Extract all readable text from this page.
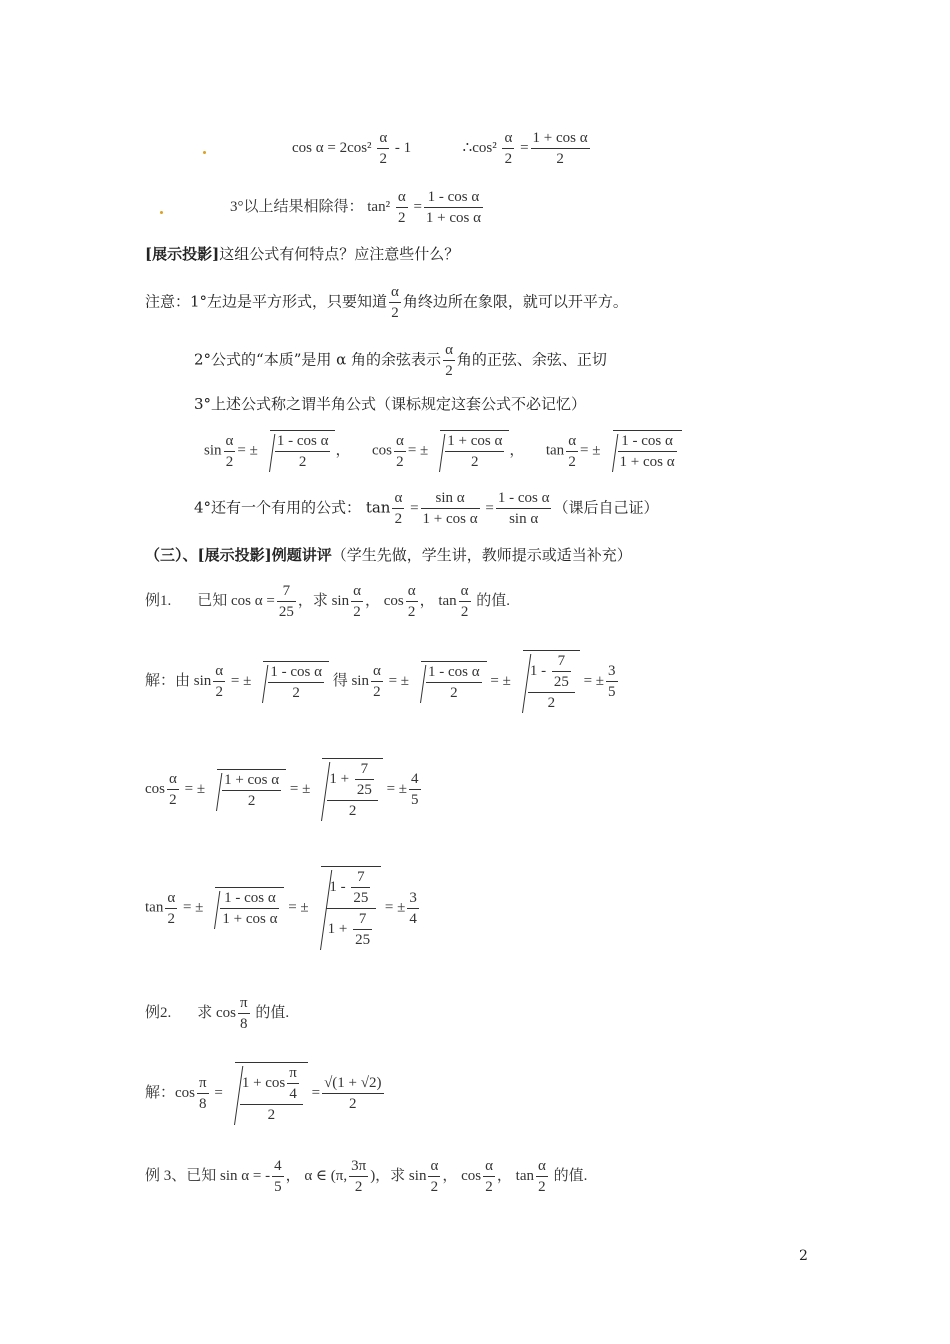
$\cos \alpha = 2\cos^2 \frac{\alpha}{2} - 1$	∴cos² $\frac{\alpha}{2} = \frac{\text{1 + cos α}}{2}$
3°以上结果相除得： $\tan^2 \frac{\alpha}{2} = \frac{\text{1 - cos α}}{\text{1 + cos α}}$
[展示投影]这组公式有何特点？应注意些什么？
注意：1°左边是平方形式，只要知道 $\frac{\alpha}{2}$ 角终边所在象限，就可以开平方。
2°公式的“本质”是用 α 角的余弦表示 $\frac{\alpha}{2}$ 角的正弦、余弦、正切
3°上述公式称之谓半角公式（课标规定这套公式不必记忆）
$\sin \frac{\alpha}{2}$ = ± $\frac{\text{1 - cos α}}{2}$ ， $\cos \frac{\alpha}{2}$ = ± $\frac{\text{1 + cos α}}{2}$ ， $\tan \frac{\alpha}{2}$ = ± $\frac{\text{1 - cos α}}{\text{1 + cos α}}$
4°还有一个有用的公式： $\tan \frac{\alpha}{2} = \frac{\text{sin α}}{\text{1 + cos α}} = \frac{\text{1 - cos α}}{\text{sin α}}$ （课后自己证）
（三）、[展示投影]例题讲评（学生先做，学生讲，教师提示或适当补充）
例1. 已知 $\cos \alpha = \frac{7}{25}$ ，求 $\sin \frac{\alpha}{2}$ ， $\cos \frac{\alpha}{2}$ ， $\tan \frac{\alpha}{2}$ 的值.
解：由 $\sin \frac{\alpha}{2}$ = ± $\frac{\text{1 - cos α}}{2}$ 得 $\sin \frac{\alpha}{2}$ = ± $\frac{\text{1 - cos α}}{2}$ = ± $\frac{1 - \frac{7}{25}}{2}$ = ± $\frac{3}{5}$
$\cos \frac{\alpha}{2}$ = ± $\frac{\text{1 + cos α}}{2}$ = ± $\frac{1 + \frac{7}{25}}{2}$ = ± $\frac{4}{5}$
$\tan \frac{\alpha}{2}$ = ± $\frac{\text{1 - cos α}}{\text{1 + cos α}}$ = ± $\frac{1 - \frac{7}{25}}{1 + \frac{7}{25}}$ = ± $\frac{3}{4}$
例2. 求 $\cos \frac{\pi}{8}$ 的值.
解：$\cos \frac{\pi}{8} = \frac{1 + \cos \frac{\pi}{4}}{2} = \frac{√(1 + √2)}{2}$
例 3、已知 sin α = - $\frac{4}{5}$ ， α ∈ (π, $\frac{3\pi}{2}$ )，求 $\sin \frac{\alpha}{2}$ ， $\cos \frac{\alpha}{2}$ ， $\tan \frac{\alpha}{2}$ 的值.
2
